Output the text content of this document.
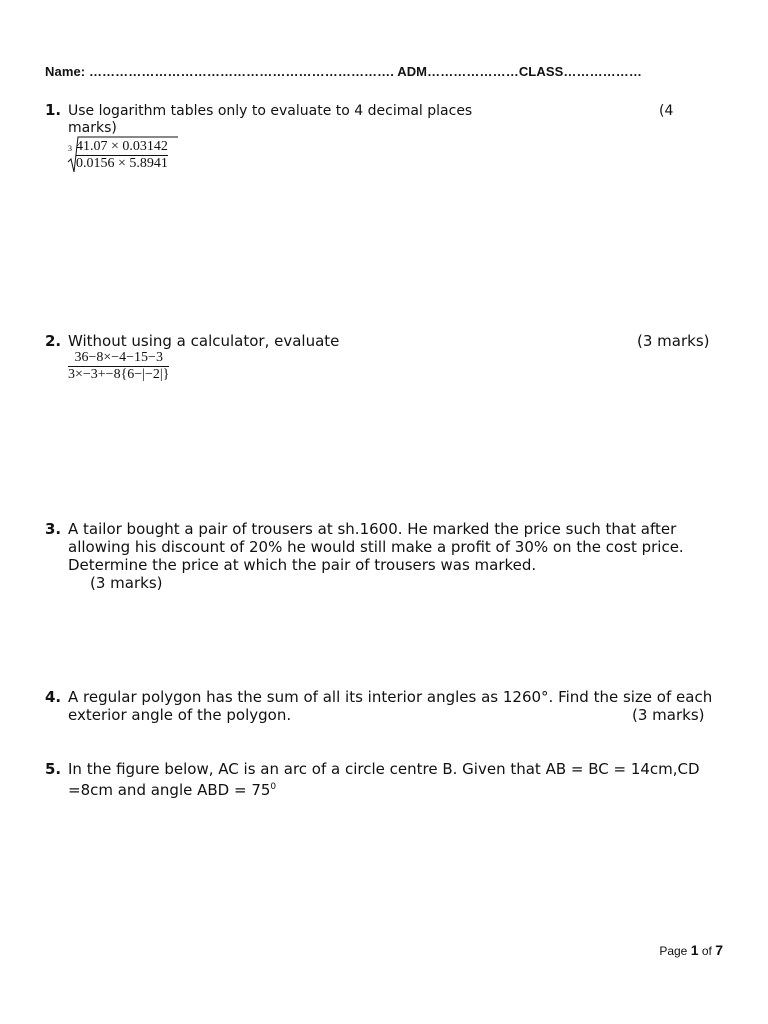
Name: ……………………………………………………………. ADM…………………CLASS………………
1. Use logarithm tables only to evaluate to 4 decimal places	(4
marks)
3 41.07 × 0.03142
0.0156 × 5.8941
2. Without using a calculator, evaluate	(3 marks)
36−8×−4−15−3
3×−3+−8{6−|−2|}
3. A tailor bought a pair of trousers at sh.1600. He marked the price such that after
allowing his discount of 20% he would still make a profit of 30% on the cost price.
Determine the price at which the pair of trousers was marked.
(3 marks)
4. A regular polygon has the sum of all its interior angles as 1260°. Find the size of each
exterior angle of the polygon.	(3 marks)
5. In the figure below, AC is an arc of a circle centre B. Given that AB = BC = 14cm,CD
=8cm and angle ABD = $75^0$
Page 1 of 7
